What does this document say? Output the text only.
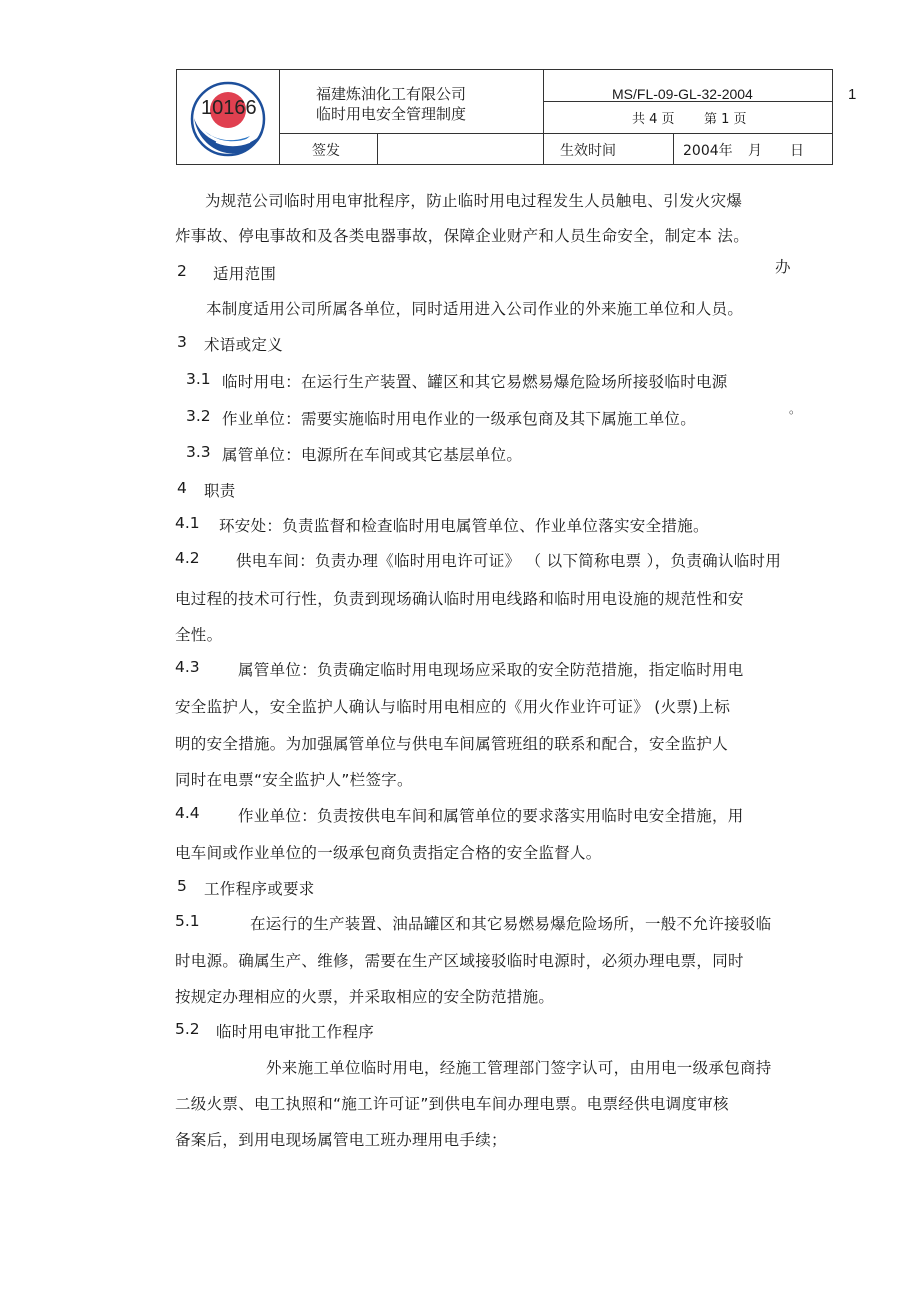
10166
福建炼油化工有限公司
临时用电安全管理制度
MS/FL-09-GL-32-2004
共 4 页 第 1 页
签发	生效时间	2004年 月 日
1
为规范公司临时用电审批程序，防止临时用电过程发生人员触电、引发火灾爆
炸事故、停电事故和及各类电器事故，保障企业财产和人员生命安全，制定本 法。
办
2 适用范围
本制度适用公司所属各单位，同时适用进入公司作业的外来施工单位和人员。
3 术语或定义
3.1 临时用电：在运行生产装置、罐区和其它易燃易爆危险场所接驳临时电源
3.2 作业单位：需要实施临时用电作业的一级承包商及其下属施工单位。
。
3.3 属管单位：电源所在车间或其它基层单位。
4 职责
4.1 环安处：负责监督和检查临时用电属管单位、作业单位落实安全措施。
4.2 供电车间：负责办理《临时用电许可证》 （ 以下简称电票 ），负责确认临时用
电过程的技术可行性，负责到现场确认临时用电线路和临时用电设施的规范性和安
全性。
4.3 属管单位：负责确定临时用电现场应采取的安全防范措施，指定临时用电
安全监护人，安全监护人确认与临时用电相应的《用火作业许可证》 (火票)上标
明的安全措施。为加强属管单位与供电车间属管班组的联系和配合，安全监护人
同时在电票“安全监护人”栏签字。
4.4 作业单位：负责按供电车间和属管单位的要求落实用临时电安全措施，用
电车间或作业单位的一级承包商负责指定合格的安全监督人。
5 工作程序或要求
5.1	在运行的生产装置、油品罐区和其它易燃易爆危险场所，一般不允许接驳临
时电源。确属生产、维修，需要在生产区域接驳临时电源时，必须办理电票，同时
按规定办理相应的火票，并采取相应的安全防范措施。
5.2 临时用电审批工作程序
外来施工单位临时用电，经施工管理部门签字认可，由用电一级承包商持
二级火票、电工执照和“施工许可证”到供电车间办理电票。电票经供电调度审核
备案后，到用电现场属管电工班办理用电手续；
